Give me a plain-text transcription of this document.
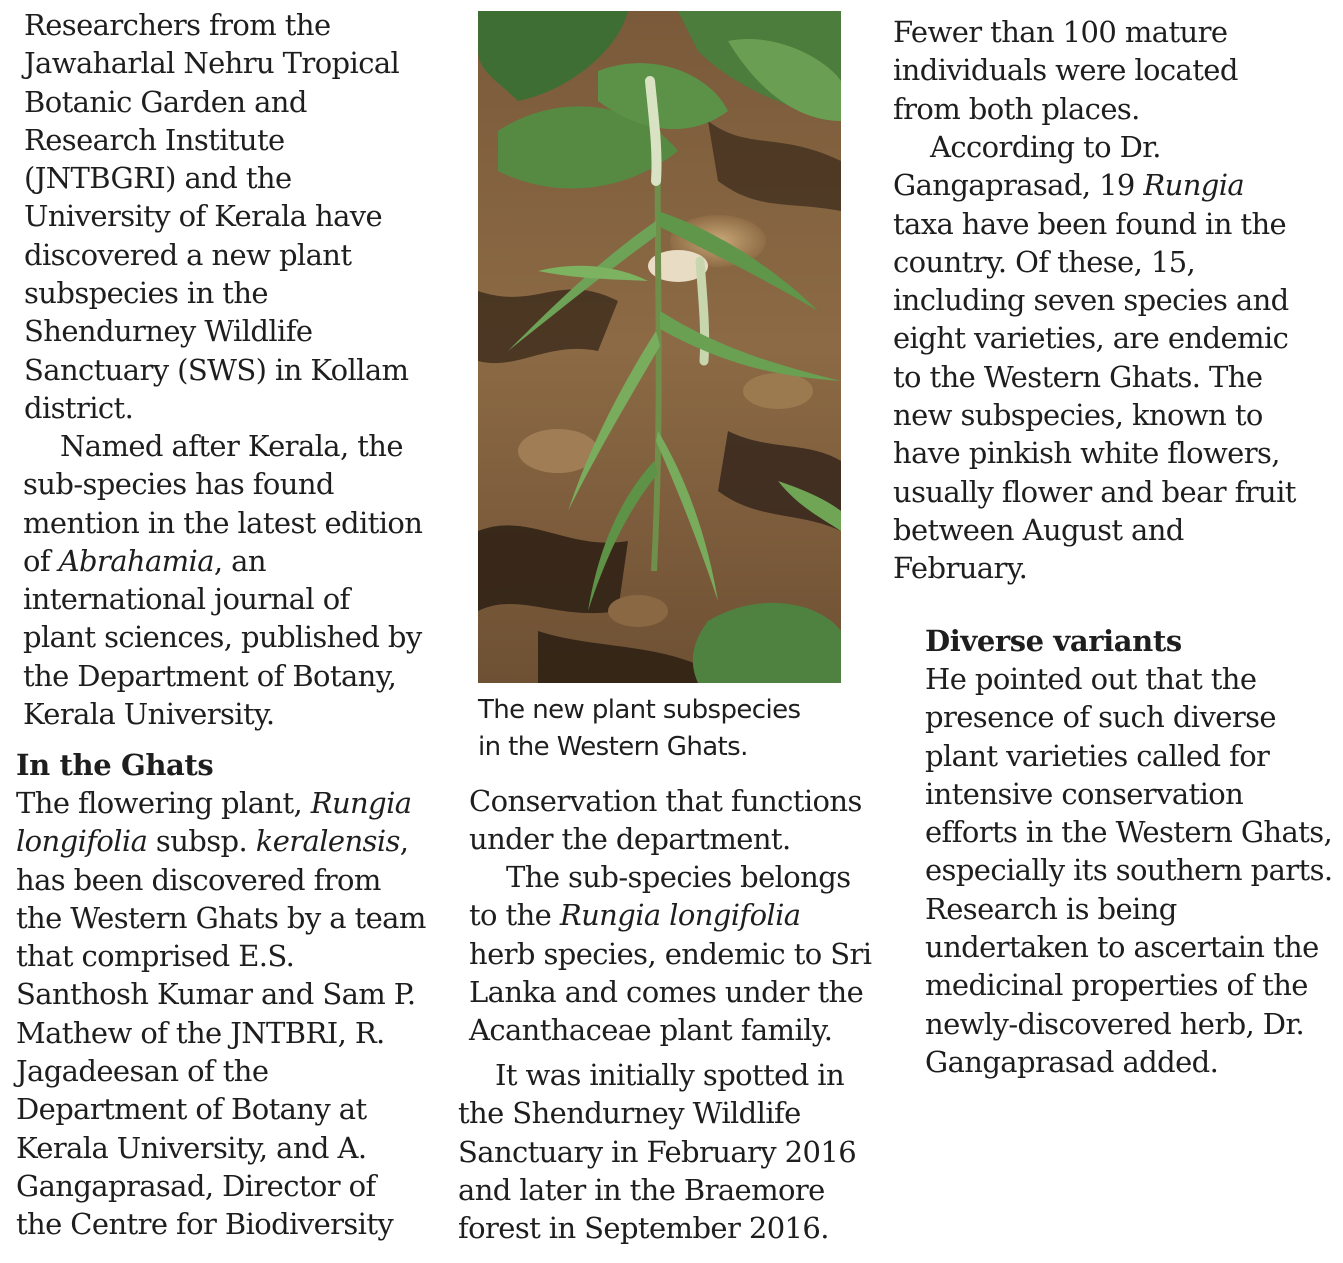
Researchers from the
Jawaharlal Nehru Tropical
Botanic Garden and
Research Institute
(JNTBGRI) and the
University of Kerala have
discovered a new plant
subspecies in the
Shendurney Wildlife
Sanctuary (SWS) in Kollam
district.
Named after Kerala, the
sub-species has found
mention in the latest edition
of Abrahamia, an
international journal of
plant sciences, published by
the Department of Botany,
Kerala University.
In the Ghats
The flowering plant, Rungia
longifolia subsp. keralensis,
has been discovered from
the Western Ghats by a team
that comprised E.S.
Santhosh Kumar and Sam P.
Mathew of the JNTBRI, R.
Jagadeesan of the
Department of Botany at
Kerala University, and A.
Gangaprasad, Director of
the Centre for Biodiversity
The new plant subspecies
in the Western Ghats.
Conservation that functions
under the department.
The sub-species belongs
to the Rungia longifolia
herb species, endemic to Sri
Lanka and comes under the
Acanthaceae plant family.
It was initially spotted in
the Shendurney Wildlife
Sanctuary in February 2016
and later in the Braemore
forest in September 2016.
Fewer than 100 mature
individuals were located
from both places.
According to Dr.
Gangaprasad, 19 Rungia
taxa have been found in the
country. Of these, 15,
including seven species and
eight varieties, are endemic
to the Western Ghats. The
new subspecies, known to
have pinkish white flowers,
usually flower and bear fruit
between August and
February.
Diverse variants
He pointed out that the
presence of such diverse
plant varieties called for
intensive conservation
efforts in the Western Ghats,
especially its southern parts.
Research is being
undertaken to ascertain the
medicinal properties of the
newly-discovered herb, Dr.
Gangaprasad added.
